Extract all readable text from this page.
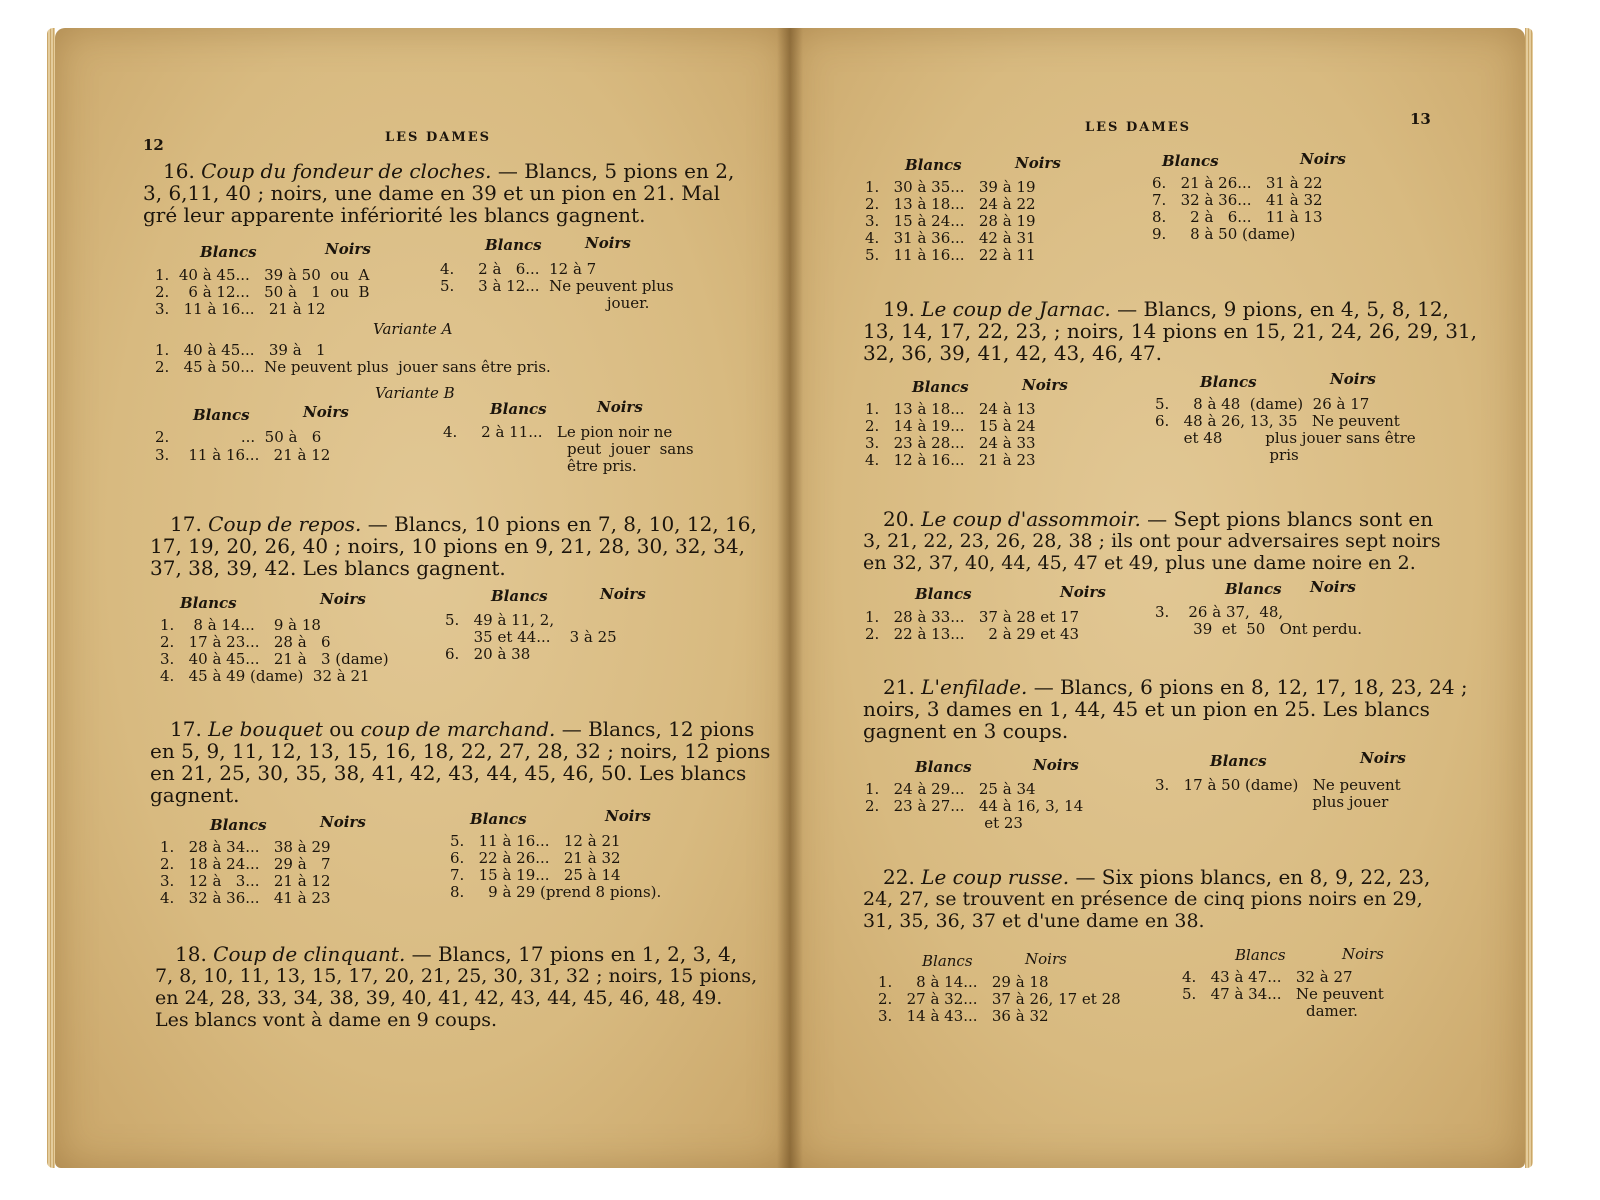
12	LES DAMES
16. Coup du fondeur de cloches. — Blancs, 5 pions en 2,
3, 6,11, 40 ; noirs, une dame en 39 et un pion en 21. Mal
gré leur apparente infériorité les blancs gagnent.
Blancs	Noirs	Blancs	Noirs
1.  40 à 45...   39 à 50  ou  A
2.    6 à 12...   50 à   1  ou  B
3.   11 à 16...   21 à 12
4.     2 à   6...  12 à 7
5.     3 à 12...  Ne peuvent plus
jouer.
Variante A
1.   40 à 45...   39 à   1
2.   45 à 50...  Ne peuvent plus  jouer sans être pris.
Variante B
Blancs	Noirs	Blancs	Noirs
2.               ...  50 à   6
3.    11 à 16...   21 à 12
4.     2 à 11...   Le pion noir ne
peut  jouer  sans
être pris.
17. Coup de repos. — Blancs, 10 pions en 7, 8, 10, 12, 16,
17, 19, 20, 26, 40 ; noirs, 10 pions en 9, 21, 28, 30, 32, 34,
37, 38, 39, 42. Les blancs gagnent.
Blancs	Noirs	Blancs	Noirs
1.    8 à 14...    9 à 18
2.   17 à 23...   28 à   6
3.   40 à 45...   21 à   3 (dame)
4.   45 à 49 (dame)  32 à 21
5.   49 à 11, 2,
35 et 44...    3 à 25
6.   20 à 38
17. Le bouquet ou coup de marchand. — Blancs, 12 pions
en 5, 9, 11, 12, 13, 15, 16, 18, 22, 27, 28, 32 ; noirs, 12 pions
en 21, 25, 30, 35, 38, 41, 42, 43, 44, 45, 46, 50. Les blancs
gagnent.
Blancs	Noirs	Blancs	Noirs
1.   28 à 34...   38 à 29
2.   18 à 24...   29 à   7
3.   12 à   3...   21 à 12
4.   32 à 36...   41 à 23
5.   11 à 16...   12 à 21
6.   22 à 26...   21 à 32
7.   15 à 19...   25 à 14
8.     9 à 29 (prend 8 pions).
18. Coup de clinquant. — Blancs, 17 pions en 1, 2, 3, 4,
7, 8, 10, 11, 13, 15, 17, 20, 21, 25, 30, 31, 32 ; noirs, 15 pions,
en 24, 28, 33, 34, 38, 39, 40, 41, 42, 43, 44, 45, 46, 48, 49.
Les blancs vont à dame en 9 coups.
LES DAMES	13
Blancs	Noirs	Blancs	Noirs
1.   30 à 35...   39 à 19
2.   13 à 18...   24 à 22
3.   15 à 24...   28 à 19
4.   31 à 36...   42 à 31
5.   11 à 16...   22 à 11
6.   21 à 26...   31 à 22
7.   32 à 36...   41 à 32
8.     2 à   6...   11 à 13
9.     8 à 50 (dame)
19. Le coup de Jarnac. — Blancs, 9 pions, en 4, 5, 8, 12,
13, 14, 17, 22, 23, ; noirs, 14 pions en 15, 21, 24, 26, 29, 31,
32, 36, 39, 41, 42, 43, 46, 47.
Blancs	Noirs	Blancs	Noirs
1.   13 à 18...   24 à 13
2.   14 à 19...   15 à 24
3.   23 à 28...   24 à 33
4.   12 à 16...   21 à 23
5.     8 à 48  (dame)  26 à 17
6.   48 à 26, 13, 35   Ne peuvent
et 48         plus jouer sans être
pris
20. Le coup d'assommoir. — Sept pions blancs sont en
3, 21, 22, 23, 26, 28, 38 ; ils ont pour adversaires sept noirs
en 32, 37, 40, 44, 45, 47 et 49, plus une dame noire en 2.
Blancs	Noirs	Blancs Noirs
1.   28 à 33...   37 à 28 et 17
2.   22 à 13...     2 à 29 et 43
3.    26 à 37,  48,
39  et  50   Ont perdu.
21. L'enfilade. — Blancs, 6 pions en 8, 12, 17, 18, 23, 24 ;
noirs, 3 dames en 1, 44, 45 et un pion en 25. Les blancs
gagnent en 3 coups.
Blancs	Noirs	Blancs	Noirs
1.   24 à 29...   25 à 34
2.   23 à 27...   44 à 16, 3, 14
et 23
3.   17 à 50 (dame)   Ne peuvent
plus jouer
22. Le coup russe. — Six pions blancs, en 8, 9, 22, 23,
24, 27, se trouvent en présence de cinq pions noirs en 29,
31, 35, 36, 37 et d'une dame en 38.
Blancs	Noirs	Blancs	Noirs
1.     8 à 14...   29 à 18
2.   27 à 32...   37 à 26, 17 et 28
3.   14 à 43...   36 à 32
4.   43 à 47...   32 à 27
5.   47 à 34...   Ne peuvent
damer.
